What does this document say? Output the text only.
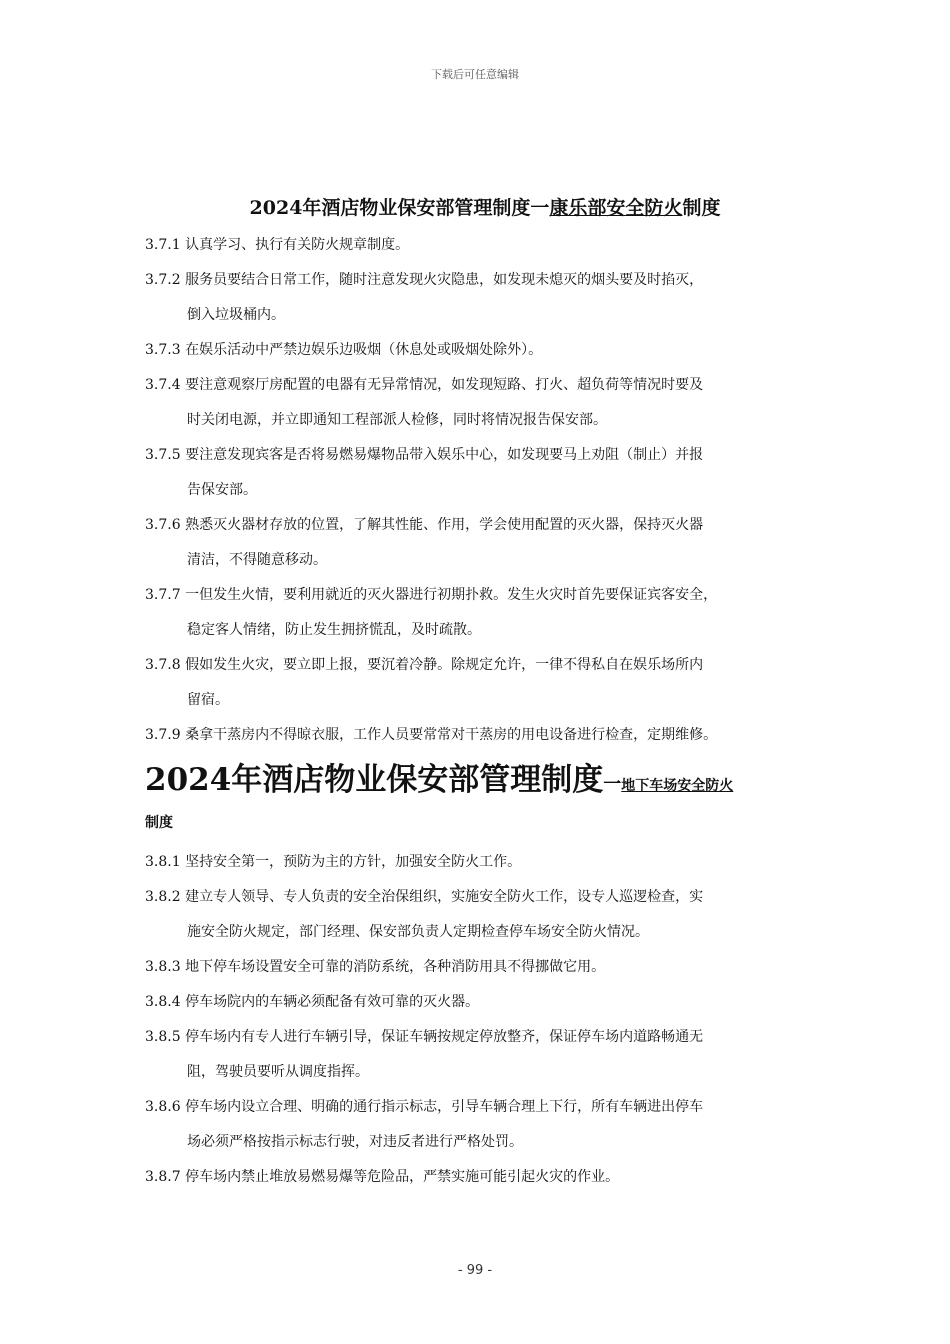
下载后可任意编辑
2024年酒店物业保安部管理制度一康乐部安全防火制度
3.7.1 认真学习、执行有关防火规章制度。
3.7.2 服务员要结合日常工作，随时注意发现火灾隐患，如发现未熄灭的烟头要及时掐灭，
倒入垃圾桶内。
3.7.3 在娱乐活动中严禁边娱乐边吸烟（休息处或吸烟处除外）。
3.7.4 要注意观察厅房配置的电器有无异常情况，如发现短路、打火、超负荷等情况时要及
时关闭电源，并立即通知工程部派人检修，同时将情况报告保安部。
3.7.5 要注意发现宾客是否将易燃易爆物品带入娱乐中心，如发现要马上劝阻（制止）并报
告保安部。
3.7.6 熟悉灭火器材存放的位置，了解其性能、作用，学会使用配置的灭火器，保持灭火器
清洁，不得随意移动。
3.7.7 一但发生火情，要利用就近的灭火器进行初期扑救。发生火灾时首先要保证宾客安全，
稳定客人情绪，防止发生拥挤慌乱，及时疏散。
3.7.8 假如发生火灾，要立即上报，要沉着冷静。除规定允许，一律不得私自在娱乐场所内
留宿。
3.7.9 桑拿干蒸房内不得晾衣服，工作人员要常常对干蒸房的用电设备进行检查，定期维修。
2024年酒店物业保安部管理制度一地下车场安全防火
制度
3.8.1 坚持安全第一，预防为主的方针，加强安全防火工作。
3.8.2 建立专人领导、专人负责的安全治保组织，实施安全防火工作，设专人巡逻检查，实
施安全防火规定，部门经理、保安部负责人定期检查停车场安全防火情况。
3.8.3 地下停车场设置安全可靠的消防系统，各种消防用具不得挪做它用。
3.8.4 停车场院内的车辆必须配备有效可靠的灭火器。
3.8.5 停车场内有专人进行车辆引导，保证车辆按规定停放整齐，保证停车场内道路畅通无
阻，驾驶员要听从调度指挥。
3.8.6 停车场内设立合理、明确的通行指示标志，引导车辆合理上下行，所有车辆进出停车
场必须严格按指示标志行驶，对违反者进行严格处罚。
3.8.7 停车场内禁止堆放易燃易爆等危险品，严禁实施可能引起火灾的作业。
- 99 -
